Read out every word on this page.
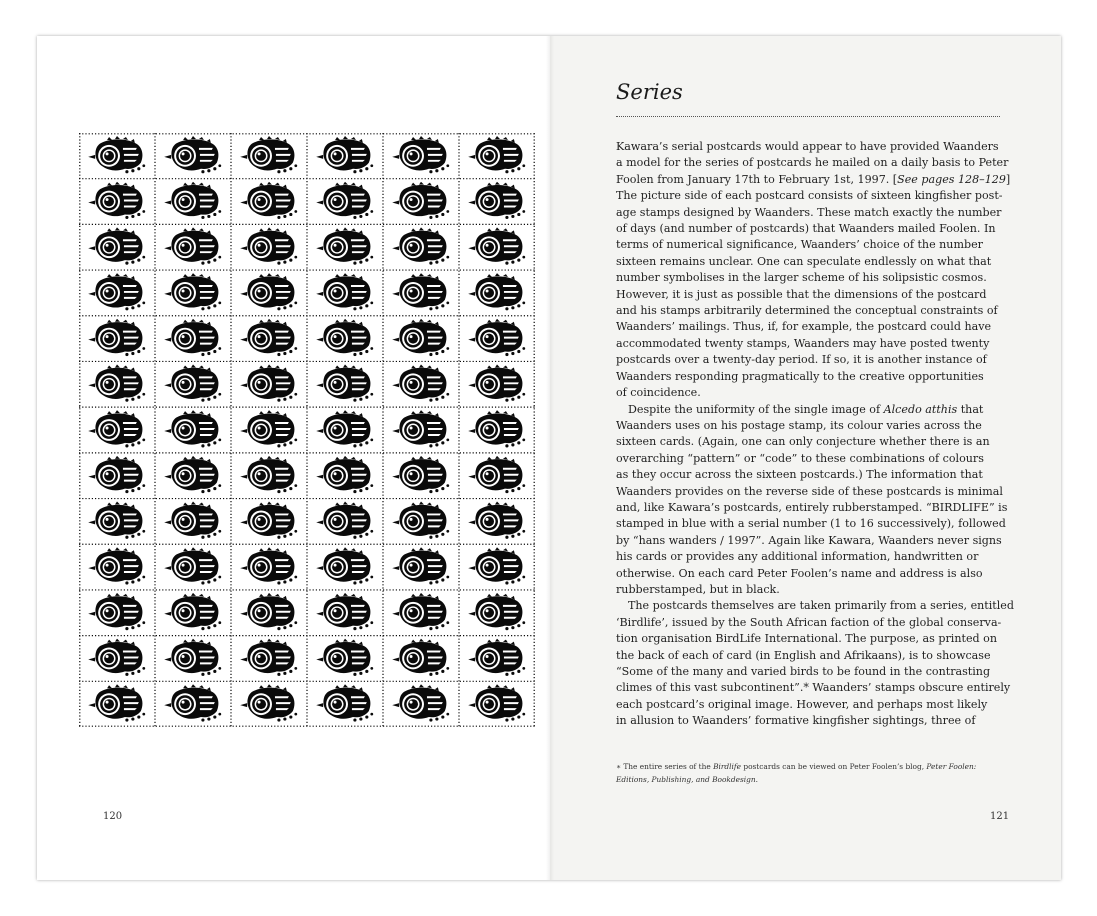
120
Series
Kawara’s serial postcards would appear to have provided Waanders
a model for the series of postcards he mailed on a daily basis to Peter
Foolen from January 17th to February 1st, 1997. [See pages 128–129]
The picture side of each postcard consists of sixteen kingfisher post-
age stamps designed by Waanders. These match exactly the number
of days (and number of postcards) that Waanders mailed Foolen. In
terms of numerical significance, Waanders’ choice of the number
sixteen remains unclear. One can speculate endlessly on what that
number symbolises in the larger scheme of his solipsistic cosmos.
However, it is just as possible that the dimensions of the postcard
and his stamps arbitrarily determined the conceptual constraints of
Waanders’ mailings. Thus, if, for example, the postcard could have
accommodated twenty stamps, Waanders may have posted twenty
postcards over a twenty-day period. If so, it is another instance of
Waanders responding pragmatically to the creative opportunities
of coincidence.
Despite the uniformity of the single image of Alcedo atthis that
Waanders uses on his postage stamp, its colour varies across the
sixteen cards. (Again, one can only conjecture whether there is an
overarching “pattern” or “code” to these combinations of colours
as they occur across the sixteen postcards.) The information that
Waanders provides on the reverse side of these postcards is minimal
and, like Kawara’s postcards, entirely rubberstamped. “BIRDLIFE” is
stamped in blue with a serial number (1 to 16 successively), followed
by “hans wanders / 1997”. Again like Kawara, Waanders never signs
his cards or provides any additional information, handwritten or
otherwise. On each card Peter Foolen’s name and address is also
rubberstamped, but in black.
The postcards themselves are taken primarily from a series, entitled
‘Birdlife’, issued by the South African faction of the global conserva-
tion organisation BirdLife International. The purpose, as printed on
the back of each of card (in English and Afrikaans), is to showcase
“Some of the many and varied birds to be found in the contrasting
climes of this vast subcontinent”.* Waanders’ stamps obscure entirely
each postcard’s original image. However, and perhaps most likely
in allusion to Waanders’ formative kingfisher sightings, three of
∗ The entire series of the Birdlife postcards can be viewed on Peter Foolen’s blog, Peter Foolen:
Editions, Publishing, and Bookdesign.
121
